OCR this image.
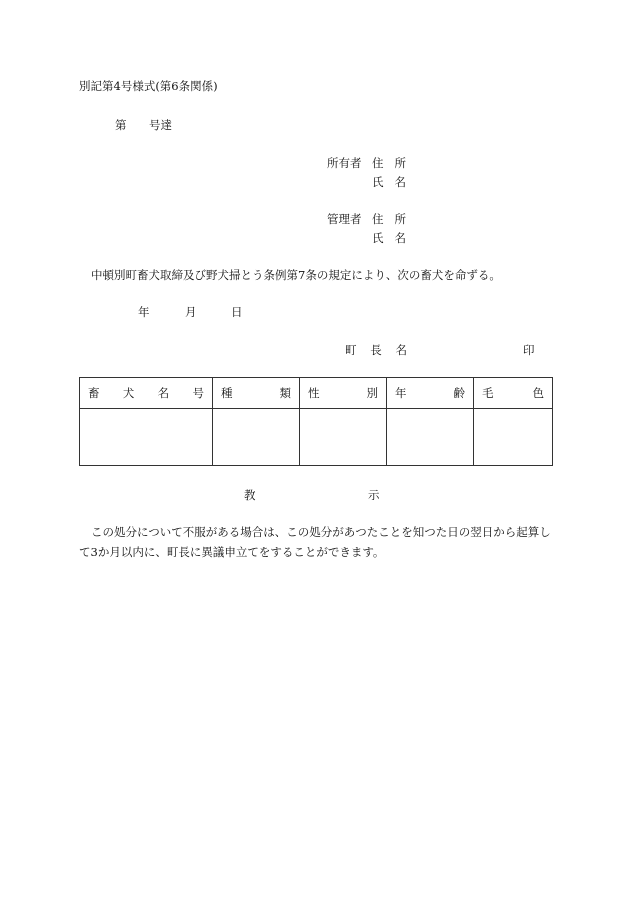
別記第4号様式(第6条関係)
第 号達
所有者 住 所
氏 名
管理者 住 所
氏 名
中頓別町畜犬取締及び野犬掃とう条例第7条の規定により、次の畜犬を命ずる。
年	月	日
町 長 名	印
畜 犬 名 号	種 類	性 別	年 齢	毛 色

教	示
この処分について不服がある場合は、この処分があつたことを知つた日の翌日から起算して3か月以内に、町長に異議申立てをすることができます。
